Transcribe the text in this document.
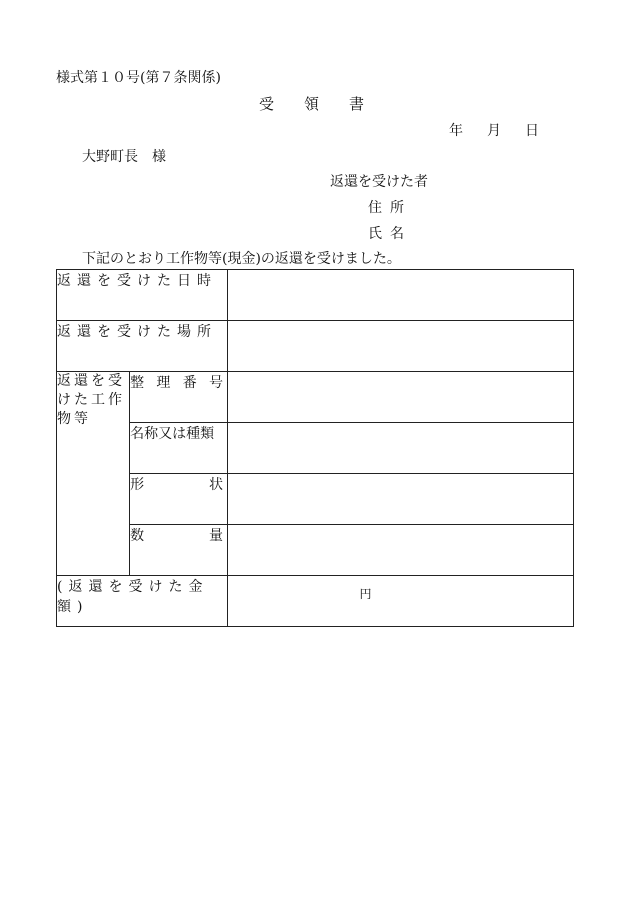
様式第１０号(第７条関係)
受 領 書
年 月 日
大野町長　様
返還を受けた者
住所
氏名
下記のとおり工作物等(現金)の返還を受けました。
返還を受けた日時		
返還を受けた場所		
返還を受けた工作物等	整 理 番 号	

	名称又は種類	

	形 状	

	数 量	

(返還を受けた金額)		円
